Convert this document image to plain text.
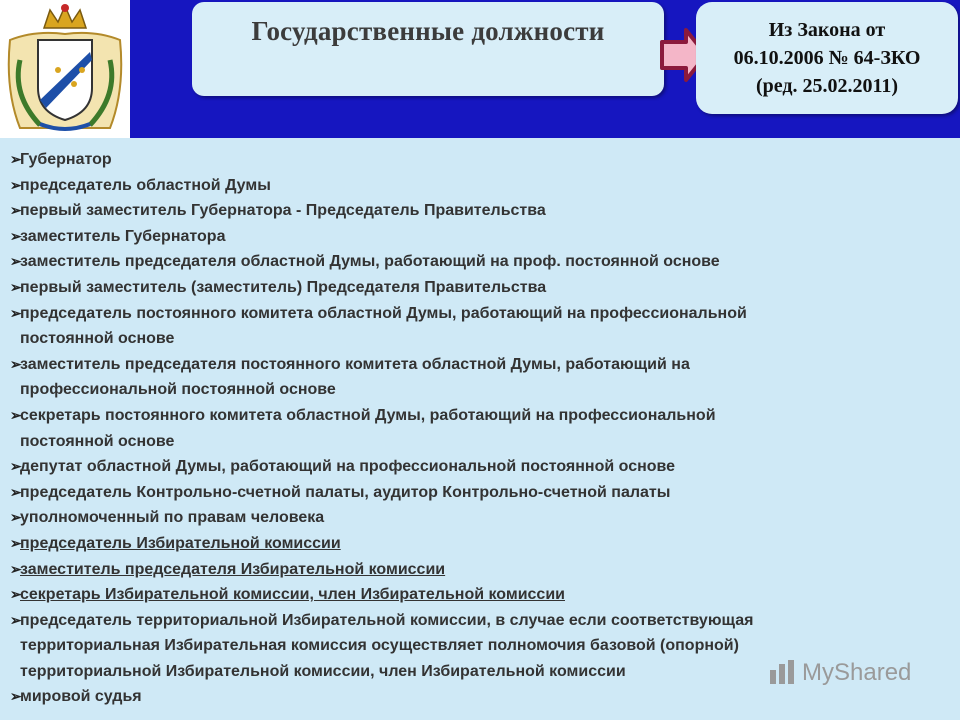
Государственные должности	Из Закона от
06.10.2006 № 64-ЗКО
(ред. 25.02.2011)
➢
Губернатор
➢
председатель областной Думы
➢
первый заместитель Губернатора - Председатель Правительства
➢
заместитель Губернатора
➢
заместитель председателя областной Думы, работающий на проф. постоянной основе
➢
первый заместитель (заместитель) Председателя Правительства
➢
председатель постоянного комитета областной Думы, работающий на профессиональной
постоянной основе
➢
заместитель председателя постоянного комитета областной Думы, работающий на
профессиональной постоянной основе
➢
секретарь постоянного комитета областной Думы, работающий на профессиональной
постоянной основе
➢
депутат областной Думы, работающий на профессиональной постоянной основе
➢
председатель Контрольно-счетной палаты, аудитор Контрольно-счетной палаты
➢
уполномоченный по правам человека
➢
председатель Избирательной комиссии
➢
заместитель председателя Избирательной комиссии
➢
секретарь Избирательной комиссии, член Избирательной комиссии
➢
председатель территориальной Избирательной комиссии, в случае если соответствующая
территориальная Избирательная комиссия осуществляет полномочия базовой (опорной)
территориальной Избирательной комиссии, член Избирательной комиссии
➢
мировой судья
MyShared
